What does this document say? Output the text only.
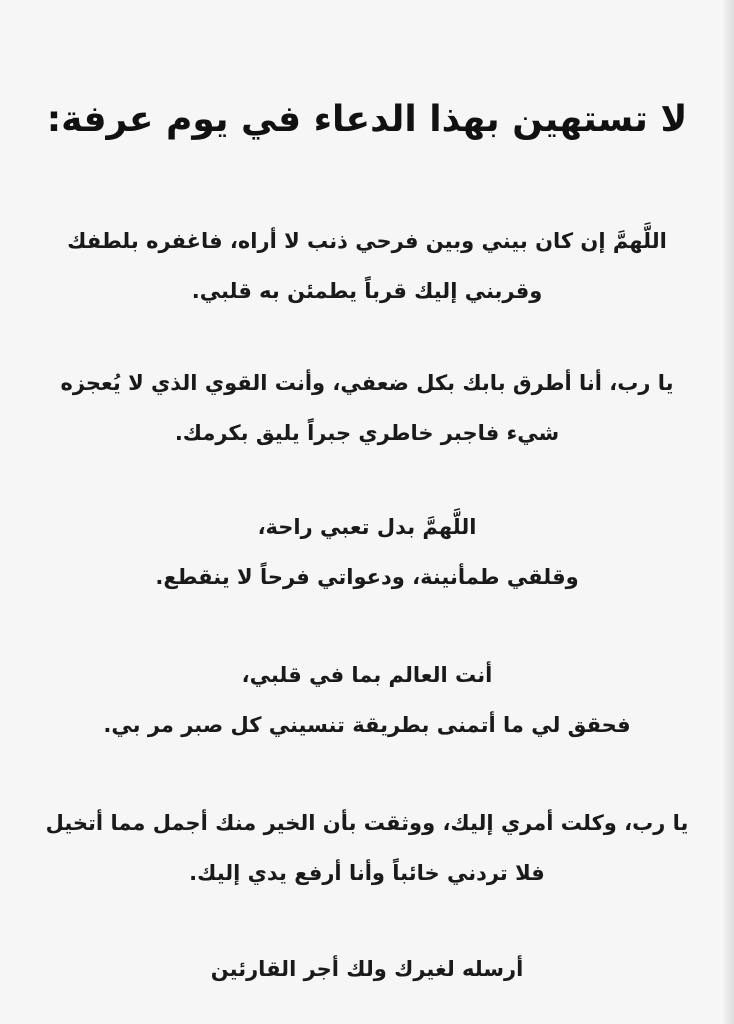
لا تستهين بهذا الدعاء في يوم عرفة:

اللَّهمَّ إن كان بيني وبين فرحي ذنب لا أراه، فاغفره بلطفك
وقربني إليك قرباً يطمئن به قلبي.

يا رب، أنا أطرق بابك بكل ضعفي، وأنت القوي الذي لا يُعجزه
شيء فاجبر خاطري جبراً يليق بكرمك.

اللَّهمَّ بدل تعبي راحة،
وقلقي طمأنينة، ودعواتي فرحاً لا ينقطع.

أنت العالم بما في قلبي،
فحقق لي ما أتمنى بطريقة تنسيني كل صبر مر بي.

يا رب، وكلت أمري إليك، ووثقت بأن الخير منك أجمل مما أتخيل
فلا تردني خائباً وأنا أرفع يدي إليك.

أرسله لغيرك ولك أجر القارئين
